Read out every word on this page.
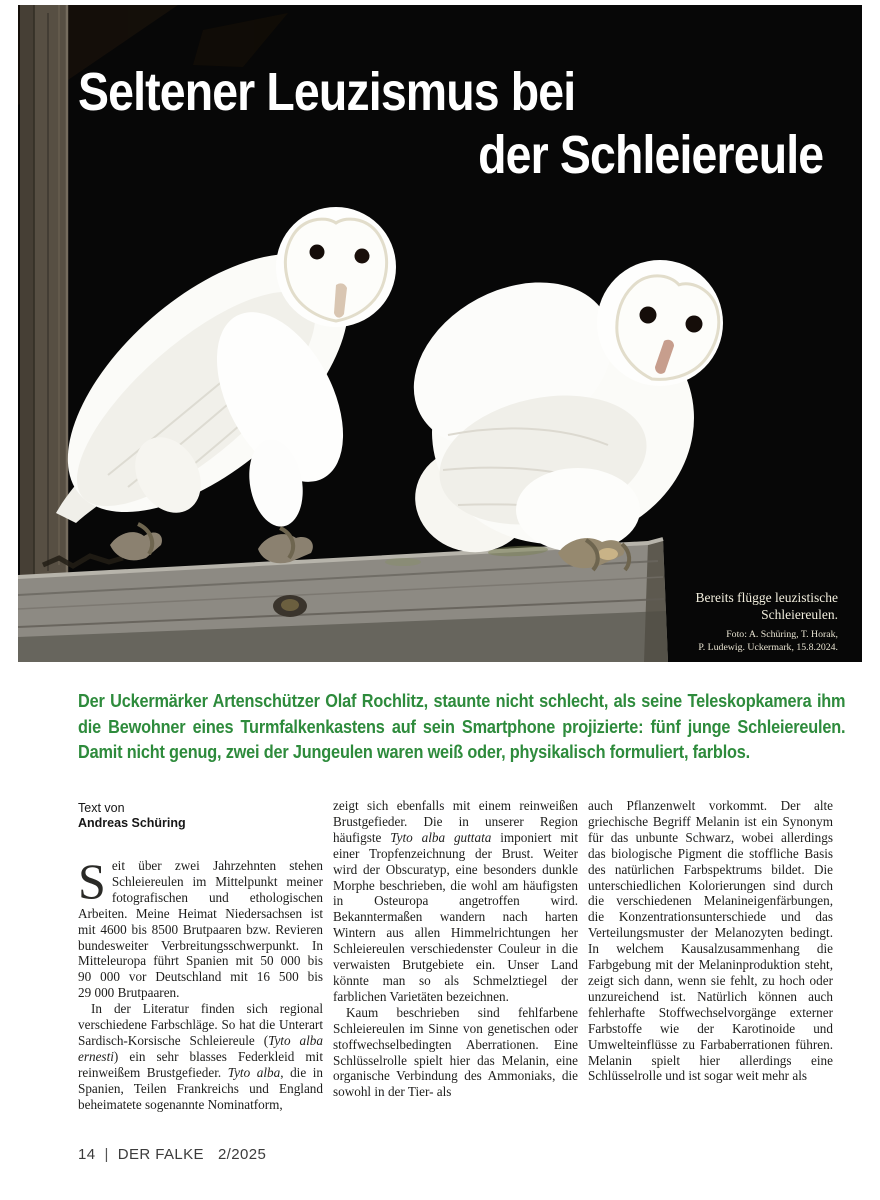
Seltener Leuzismus bei
der Schleiereule
Bereits flügge leuzistische
Schleiereulen.
Foto: A. Schüring, T. Horak,
P. Ludewig. Uckermark, 15.8.2024.

Der Uckermärker Artenschützer Olaf Rochlitz, staunte nicht schlecht, als seine Teleskopkamera ihm die Bewohner eines Turmfalkenkastens auf sein Smartphone projizierte: fünf junge Schleiereulen. Damit nicht genug, zwei der Jungeulen waren weiß oder, physikalisch formuliert, farblos.

Text von
Andreas Schüring

Seit über zwei Jahrzehnten stehen Schleiereulen im Mittelpunkt meiner fotografischen und ethologischen Arbeiten. Meine Heimat Niedersachsen ist mit 4600 bis 8500 Brutpaaren bzw. Revieren bundesweiter Verbreitungsschwerpunkt. In Mitteleuropa führt Spanien mit 50 000 bis 90 000 vor Deutschland mit 16 500 bis 29 000 Brutpaaren.

In der Literatur finden sich regional verschiedene Farbschläge. So hat die Unterart Sardisch-Korsische Schleiereule (Tyto alba ernesti) ein sehr blasses Federkleid mit reinweißem Brustgefieder. Tyto alba, die in Spanien, Teilen Frankreichs und England beheimatete sogenannte Nominatform,

zeigt sich ebenfalls mit einem reinweißen Brustgefieder. Die in unserer Region häufigste Tyto alba guttata imponiert mit einer Tropfenzeichnung der Brust. Weiter wird der Obscuratyp, eine besonders dunkle Morphe beschrieben, die wohl am häufigsten in Osteuropa angetroffen wird. Bekanntermaßen wandern nach harten Wintern aus allen Himmelrichtungen her Schleiereulen verschiedenster Couleur in die verwaisten Brutgebiete ein. Unser Land könnte man so als Schmelztiegel der farblichen Varietäten bezeichnen.

Kaum beschrieben sind fehlfarbene Schleiereulen im Sinne von genetischen oder stoffwechselbedingten Aberrationen. Eine Schlüsselrolle spielt hier das Melanin, eine organische Verbindung des Ammoniaks, die sowohl in der Tier- als

auch Pflanzenwelt vorkommt. Der alte griechische Begriff Melanin ist ein Synonym für das unbunte Schwarz, wobei allerdings das biologische Pigment die stoffliche Basis des natürlichen Farbspektrums bildet. Die unterschiedlichen Kolorierungen sind durch die verschiedenen Melanineigenfärbungen, die Konzentrationsunterschiede und das Verteilungsmuster der Melanozyten bedingt. In welchem Kausalzusammenhang die Farbgebung mit der Melaninproduktion steht, zeigt sich dann, wenn sie fehlt, zu hoch oder unzureichend ist. Natürlich können auch fehlerhafte Stoffwechselvorgänge externer Farbstoffe wie der Karotinoide und Umwelteinflüsse zu Farbaberrationen führen. Melanin spielt hier allerdings eine Schlüsselrolle und ist sogar weit mehr als

14 | DER FALKE 2/2025
